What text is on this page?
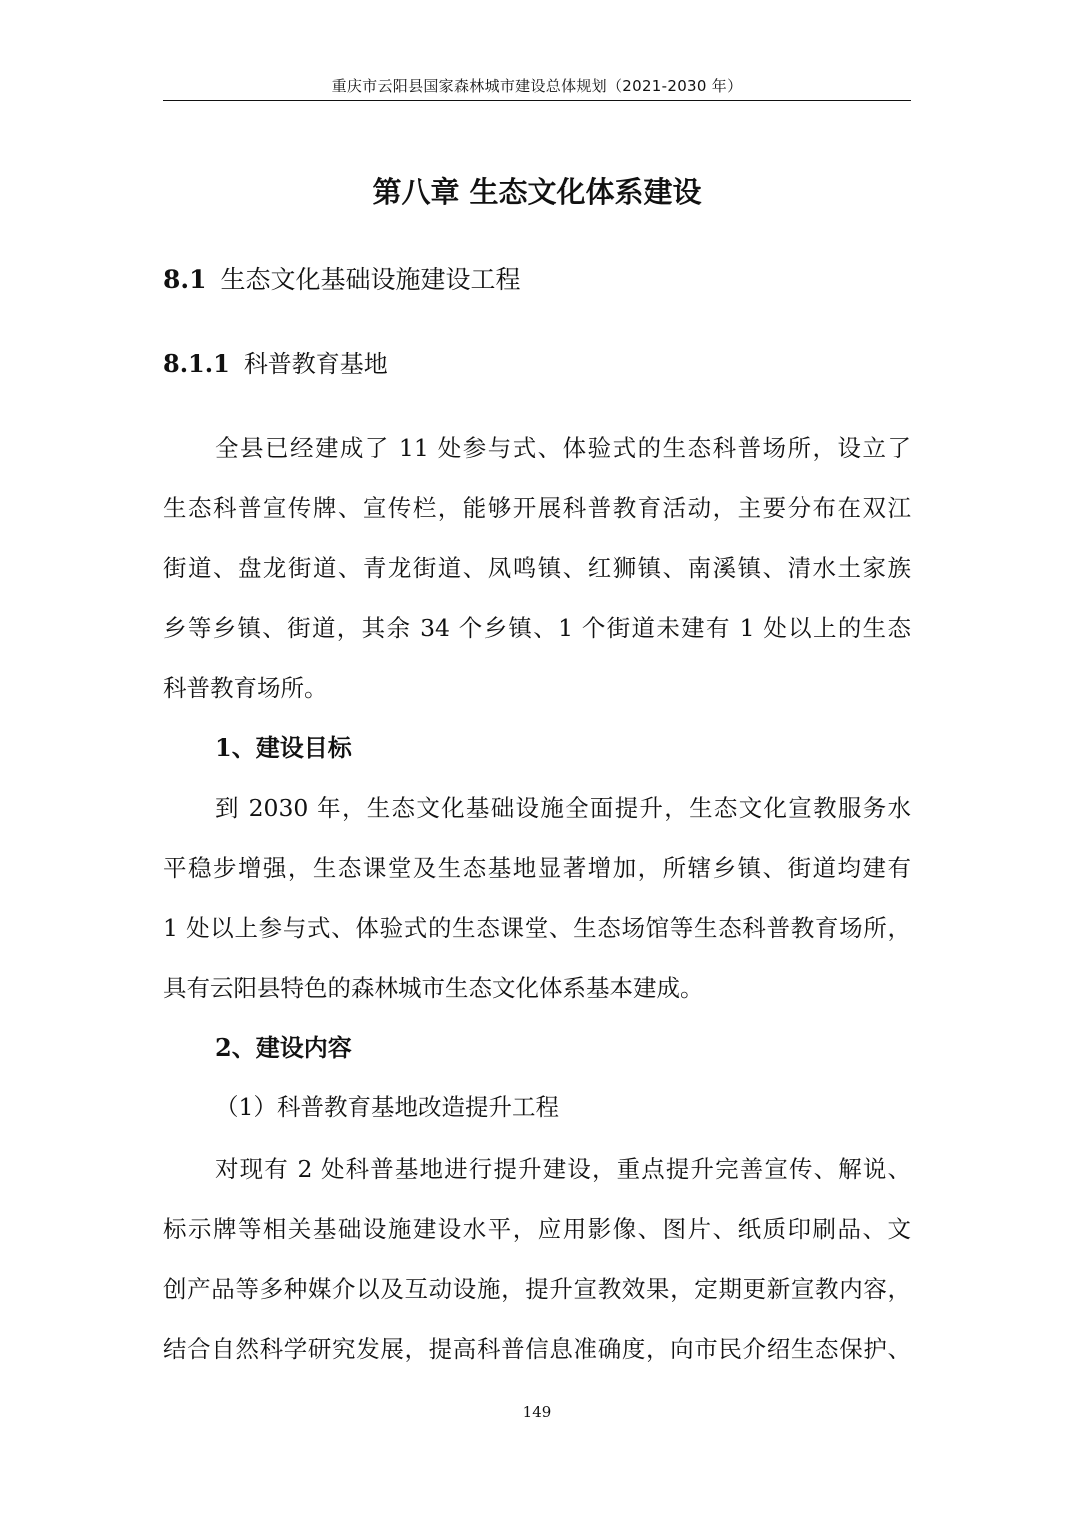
重庆市云阳县国家森林城市建设总体规划（2021-2030 年）
第八章 生态文化体系建设
8.1 生态文化基础设施建设工程
8.1.1 科普教育基地
全县已经建成了 11 处参与式、体验式的生态科普场所，设立了
生态科普宣传牌、宣传栏，能够开展科普教育活动，主要分布在双江
街道、盘龙街道、青龙街道、凤鸣镇、红狮镇、南溪镇、清水土家族
乡等乡镇、街道，其余 34 个乡镇、1 个街道未建有 1 处以上的生态
科普教育场所。
1、建设目标
到 2030 年，生态文化基础设施全面提升，生态文化宣教服务水
平稳步增强，生态课堂及生态基地显著增加，所辖乡镇、街道均建有
1 处以上参与式、体验式的生态课堂、生态场馆等生态科普教育场所，
具有云阳县特色的森林城市生态文化体系基本建成。
2、建设内容
（1）科普教育基地改造提升工程
对现有 2 处科普基地进行提升建设，重点提升完善宣传、解说、
标示牌等相关基础设施建设水平，应用影像、图片、纸质印刷品、文
创产品等多种媒介以及互动设施，提升宣教效果，定期更新宣教内容，
结合自然科学研究发展，提高科普信息准确度，向市民介绍生态保护、
149
